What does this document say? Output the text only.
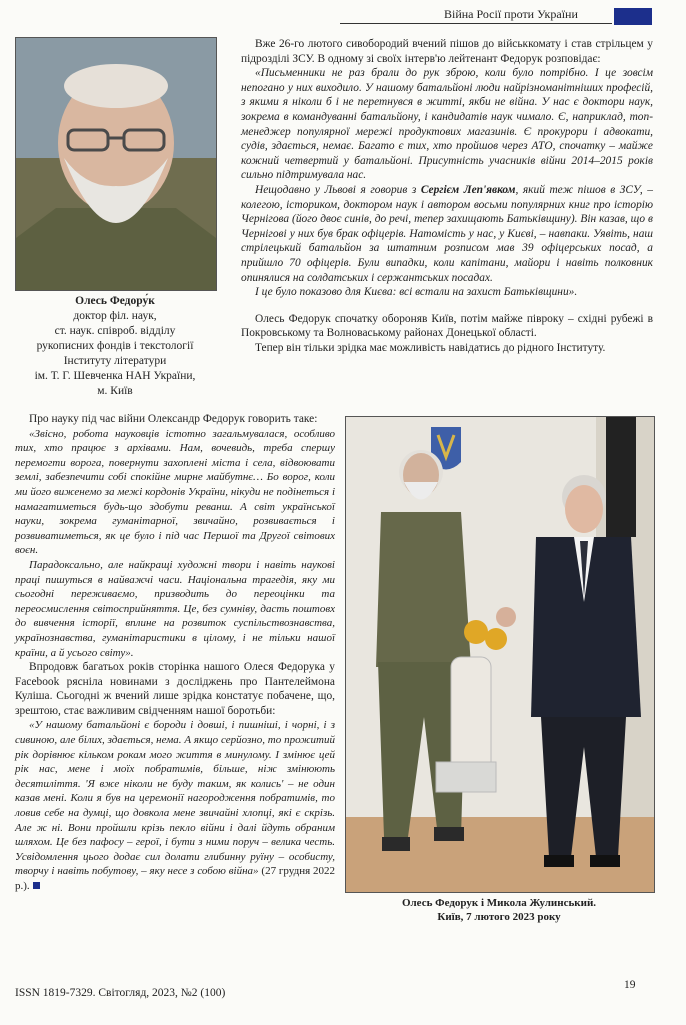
Війна Росії проти України
Олесь Федору́к
доктор філ. наук,
ст. наук. співроб. відділу
рукописних фондів і текстології
Інституту літератури
ім. Т. Г. Шевченка НАН України,
м. Київ

Вже 26-го лютого сивобородий вчений пішов до військкомату і став стрільцем у підрозділі ЗСУ. В одному зі своїх інтерв'ю лейтенант Федорук розповідає:

«Письменники не раз брали до рук зброю, коли було потрібно. І це зовсім непогано у них виходило. У нашому батальйоні люди найрізноманітніших професій, з якими я ніколи б і не перетнувся в житті, якби не війна. У нас є доктори наук, зокрема в командуванні батальйону, і кандидатів наук чимало. Є, наприклад, топ-менеджер популярної мережі продуктових магазинів. Є прокурори і адвокати, судів, здається, немає. Багато є тих, хто пройшов через АТО, спочатку – майже кожний четвертий у батальйоні. Присутність учасників війни 2014–2015 років сильно підтримувала нас.

Нещодавно у Львові я говорив з Сергієм Леп'явком, який теж пішов в ЗСУ, – колегою, істориком, доктором наук і автором восьми популярних книг про історію Чернігова (його двоє синів, до речі, тепер захищають Батьківщину). Він казав, що в Чернігові у них був брак офіцерів. Натомість у нас, у Києві, – навпаки. Уявіть, наш стрілецький батальйон за штатним розписом мав 39 офіцерських посад, а прийшло 70 офіцерів. Були випадки, коли капітани, майори і навіть полковник опинялися на солдатських і сержантських посадах.

І це було показово для Києва: всі встали на захист Батьківщини».

Олесь Федорук спочатку обороняв Київ, потім майже півроку – східні рубежі в Покровському та Волноваському районах Донецької області.

Тепер він тільки зрідка має можливість навідатись до рідного Інституту.

Про науку під час війни Олександр Федорук говорить таке:

«Звісно, робота науковців істотно загальмувалася, особливо тих, хто працює з архівами. Нам, вочевидь, треба спершу перемогти ворога, повернути захоплені міста і села, відвоювати землі, забезпечити собі спокійне мирне майбутнє… Бо ворог, коли ми його виженемо за межі кордонів України, нікуди не подінеться і намагатиметься будь-що здобути реванш. А світ української науки, зокрема гуманітарної, звичайно, розвивається і розвиватиметься, як це було і під час Першої та Другої світових воєн.

Парадоксально, але найкращі художні твори і навіть наукові праці пишуться в найважчі часи. Національна трагедія, яку ми сьогодні переживаємо, призводить до переоцінки та переосмислення світосприйняття. Це, без сумніву, дасть поштовх до вивчення історії, вплине на розвиток суспільствознавства, українознавства, гуманітаристики в цілому, і не тільки нашої країни, а й усього світу».

Впродовж багатьох років сторінка нашого Олеся Федорука у Facebook рясніла новинами з досліджень про Пантелеймона Куліша. Сьогодні ж вчений лише зрідка констатує побачене, що, зрештою, стає важливим свідченням нашої боротьби:

«У нашому батальйоні є бороди і довші, і пишніші, і чорні, і з сивиною, але білих, здається, нема. А якщо серйозно, то прожитий рік дорівнює кільком рокам мого життя в минулому. І змінює цей рік нас, мене і моїх побратимів, більше, ніж змінюють десятиліття. 'Я вже ніколи не буду таким, як колись' – не один казав мені. Коли я був на церемонії нагородження побратимів, то ловив себе на думці, що довкола мене звичайні хлопці, які є скрізь. Але ж ні. Вони пройшли крізь пекло війни і далі йдуть обраним шляхом. Це без пафосу – герої, і бути з ними поруч – велика честь. Усвідомлення цього додає сил долати глибинну руїну – особисту, творчу і навіть побутову, – яку несе з собою війна» (27 грудня 2022 р.).

Олесь Федорук і Микола Жулинський.
Київ, 7 лютого 2023 року
ISSN 1819-7329. Світогляд, 2023, №2 (100)
19
